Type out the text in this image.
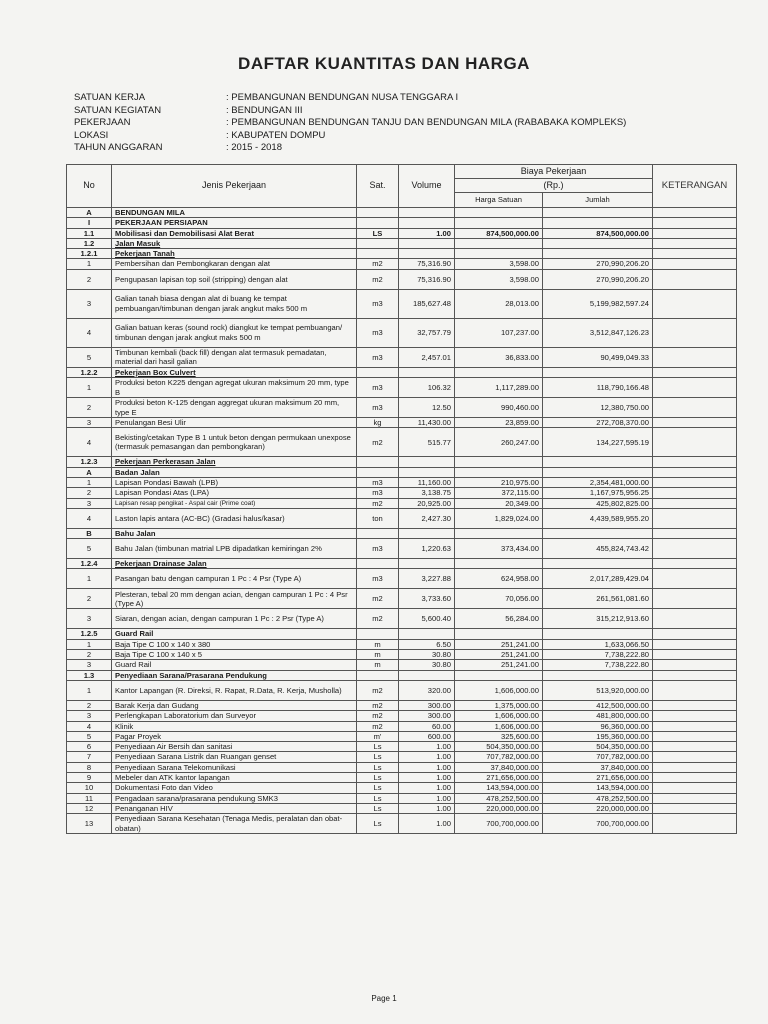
DAFTAR KUANTITAS DAN HARGA
SATUAN KERJA	: PEMBANGUNAN BENDUNGAN NUSA TENGGARA I
SATUAN KEGIATAN	: BENDUNGAN III
PEKERJAAN	: PEMBANGUNAN BENDUNGAN TANJU DAN BENDUNGAN MILA (RABABAKA KOMPLEKS)
LOKASI	: KABUPATEN DOMPU
TAHUN ANGGARAN	: 2015 - 2018
No	Jenis Pekerjaan	Sat.	Volume	Biaya Pekerjaan		KETERANGAN
				(Rp.)		
				Harga Satuan	Jumlah	
A	BENDUNGAN MILA					
I	PEKERJAAN PERSIAPAN					
1.1	Mobilisasi dan Demobilisasi Alat Berat	LS	1.00	874,500,000.00	874,500,000.00	
1.2	Jalan Masuk					
1.2.1	Pekerjaan Tanah					
1	Pembersihan dan Pembongkaran dengan alat	m2	75,316.90	3,598.00	270,990,206.20	
2	Pengupasan lapisan top soil (stripping) dengan alat	m2	75,316.90	3,598.00	270,990,206.20	
3	Galian tanah biasa dengan alat di buang ke tempat pembuangan/timbunan dengan jarak angkut maks 500 m	m3	185,627.48	28,013.00	5,199,982,597.24	
4	Galian batuan keras (sound rock) diangkut ke tempat pembuangan/ timbunan dengan jarak angkut maks 500 m	m3	32,757.79	107,237.00	3,512,847,126.23	
5	Timbunan kembali (back fill) dengan alat termasuk pemadatan, material dari hasil galian	m3	2,457.01	36,833.00	90,499,049.33	
1.2.2	Pekerjaan Box Culvert					
1	Produksi beton K225 dengan agregat ukuran maksimum 20 mm, type B	m3	106.32	1,117,289.00	118,790,166.48	
2	Produksi beton K-125 dengan aggregat ukuran maksimum 20 mm, type E	m3	12.50	990,460.00	12,380,750.00	
3	Penulangan Besi Ulir	kg	11,430.00	23,859.00	272,708,370.00	
4	Bekisting/cetakan Type B 1 untuk beton dengan permukaan unexpose (termasuk pemasangan dan pembongkaran)	m2	515.77	260,247.00	134,227,595.19	
1.2.3	Pekerjaan Perkerasan Jalan					
A	Badan Jalan					
1	Lapisan Pondasi Bawah (LPB)	m3	11,160.00	210,975.00	2,354,481,000.00	
2	Lapisan Pondasi Atas (LPA)	m3	3,138.75	372,115.00	1,167,975,956.25	
3	Lapisan resap pengikat - Aspal cair (Prime coat)	m2	20,925.00	20,349.00	425,802,825.00	
4	Laston lapis antara (AC-BC) (Gradasi halus/kasar)	ton	2,427.30	1,829,024.00	4,439,589,955.20	
B	Bahu Jalan					
5	Bahu Jalan (timbunan matrial LPB dipadatkan kemiringan 2%	m3	1,220.63	373,434.00	455,824,743.42	
1.2.4	Pekerjaan Drainase Jalan					
1	Pasangan batu dengan campuran 1 Pc : 4 Psr (Type A)	m3	3,227.88	624,958.00	2,017,289,429.04	
2	Plesteran, tebal 20 mm dengan acian, dengan campuran 1 Pc : 4 Psr (Type A)	m2	3,733.60	70,056.00	261,561,081.60	
3	Siaran, dengan acian, dengan campuran 1 Pc : 2 Psr (Type A)	m2	5,600.40	56,284.00	315,212,913.60	
1.2.5	Guard Rail					
1	Baja Tipe C 100 x 140 x 380	m	6.50	251,241.00	1,633,066.50	
2	Baja Tipe C 100 x 140 x 5	m	30.80	251,241.00	7,738,222.80	
3	Guard Rail	m	30.80	251,241.00	7,738,222.80	
1.3	Penyediaan Sarana/Prasarana Pendukung					
1	Kantor Lapangan (R. Direksi, R. Rapat, R.Data, R. Kerja, Musholla)	m2	320.00	1,606,000.00	513,920,000.00	
2	Barak Kerja dan Gudang	m2	300.00	1,375,000.00	412,500,000.00	
3	Perlengkapan Laboratorium dan Surveyor	m2	300.00	1,606,000.00	481,800,000.00	
4	Klinik	m2	60.00	1,606,000.00	96,360,000.00	
5	Pagar Proyek	m'	600.00	325,600.00	195,360,000.00	
6	Penyediaan Air Bersih dan sanitasi	Ls	1.00	504,350,000.00	504,350,000.00	
7	Penyediaan Sarana Listrik dan Ruangan genset	Ls	1.00	707,782,000.00	707,782,000.00	
8	Penyediaan Sarana Telekomunikasi	Ls	1.00	37,840,000.00	37,840,000.00	
9	Mebeler dan ATK kantor lapangan	Ls	1.00	271,656,000.00	271,656,000.00	
10	Dokumentasi Foto dan Video	Ls	1.00	143,594,000.00	143,594,000.00	
11	Pengadaan sarana/prasarana pendukung SMK3	Ls	1.00	478,252,500.00	478,252,500.00	
12	Penanganan HIV	Ls	1.00	220,000,000.00	220,000,000.00	
13	Penyediaan Sarana Kesehatan (Tenaga Medis, peralatan dan obat-obatan)	Ls	1.00	700,700,000.00	700,700,000.00	
Page 1
